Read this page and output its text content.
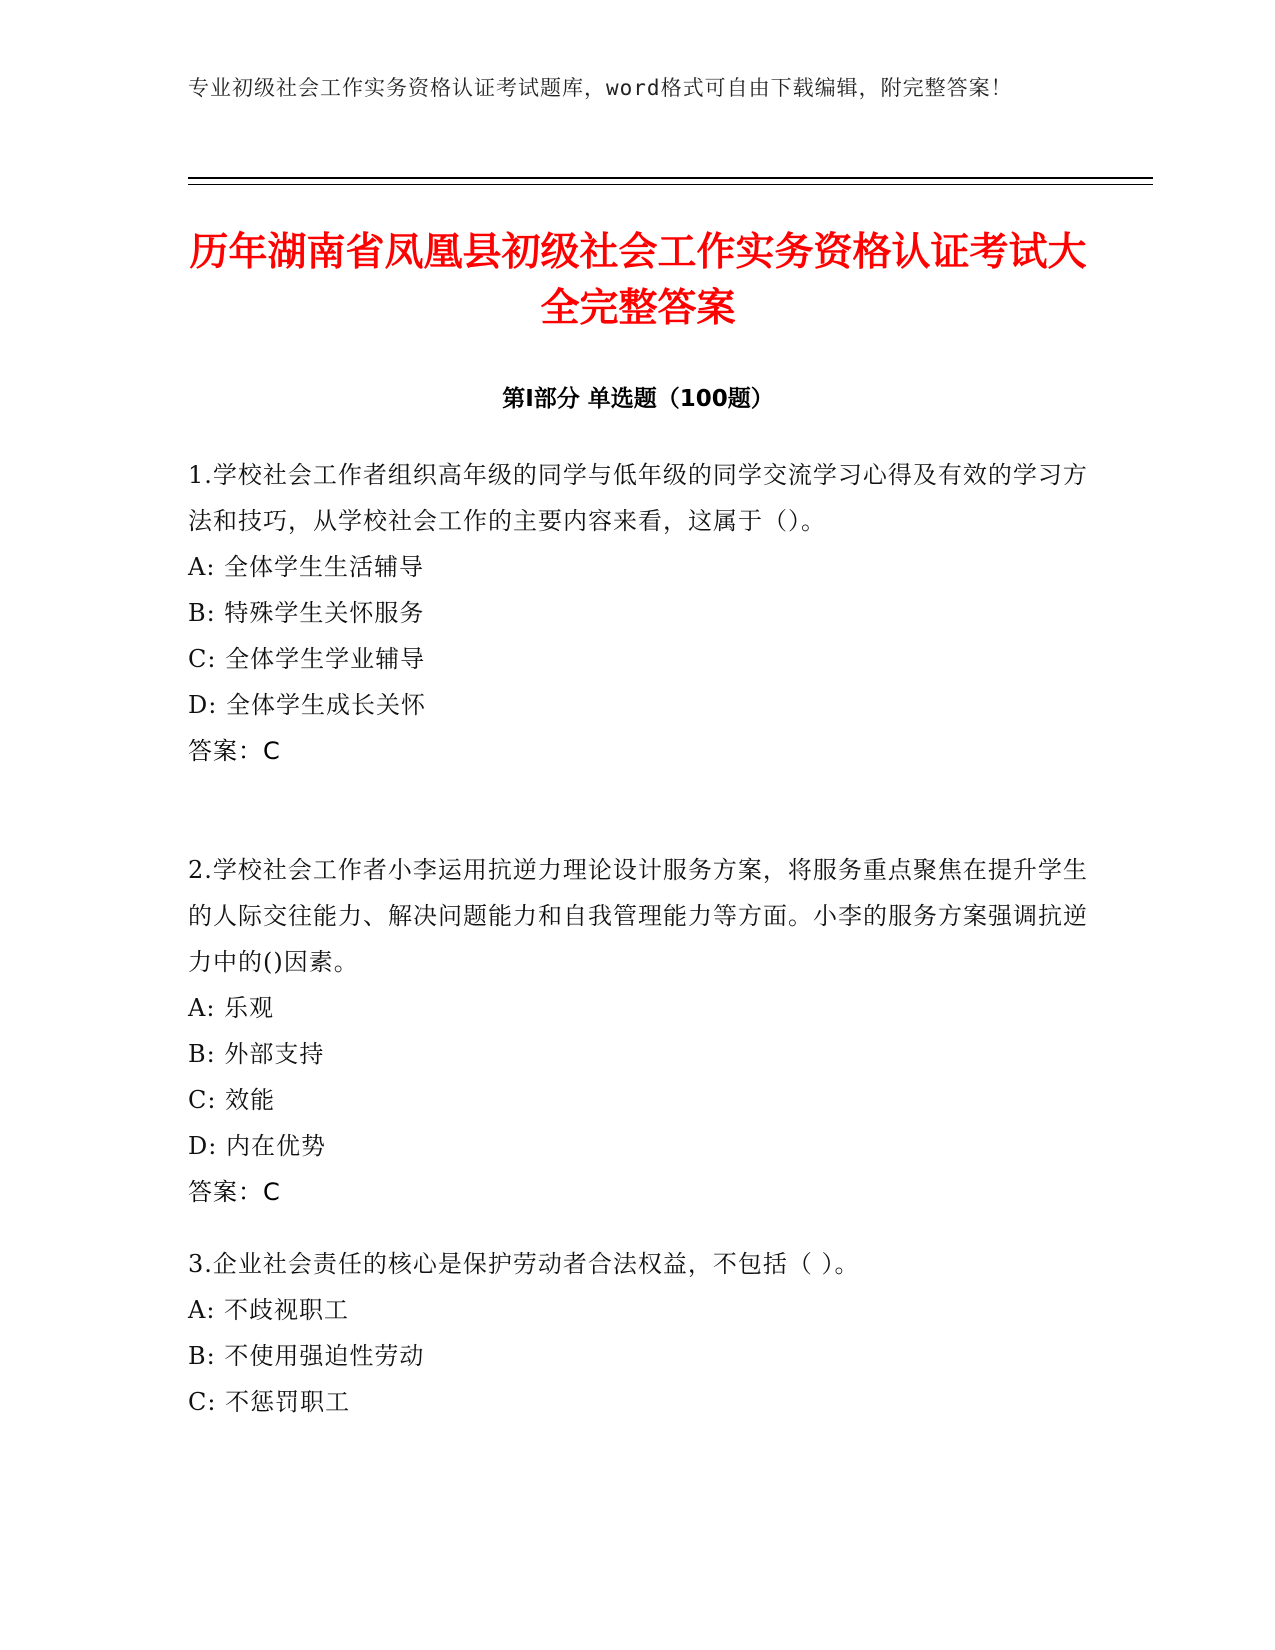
专业初级社会工作实务资格认证考试题库，word格式可自由下载编辑，附完整答案！
历年湖南省凤凰县初级社会工作实务资格认证考试大全完整答案
第Ⅰ部分 单选题（100题）
1.学校社会工作者组织高年级的同学与低年级的同学交流学习心得及有效的学习方法和技巧，从学校社会工作的主要内容来看，这属于（）。
A: 全体学生生活辅导
B: 特殊学生关怀服务
C: 全体学生学业辅导
D: 全体学生成长关怀
答案：C
2.学校社会工作者小李运用抗逆力理论设计服务方案，将服务重点聚焦在提升学生的人际交往能力、解决问题能力和自我管理能力等方面。小李的服务方案强调抗逆力中的()因素。
A: 乐观
B: 外部支持
C: 效能
D: 内在优势
答案：C
3.企业社会责任的核心是保护劳动者合法权益，不包括（ ）。
A: 不歧视职工
B: 不使用强迫性劳动
C: 不惩罚职工
